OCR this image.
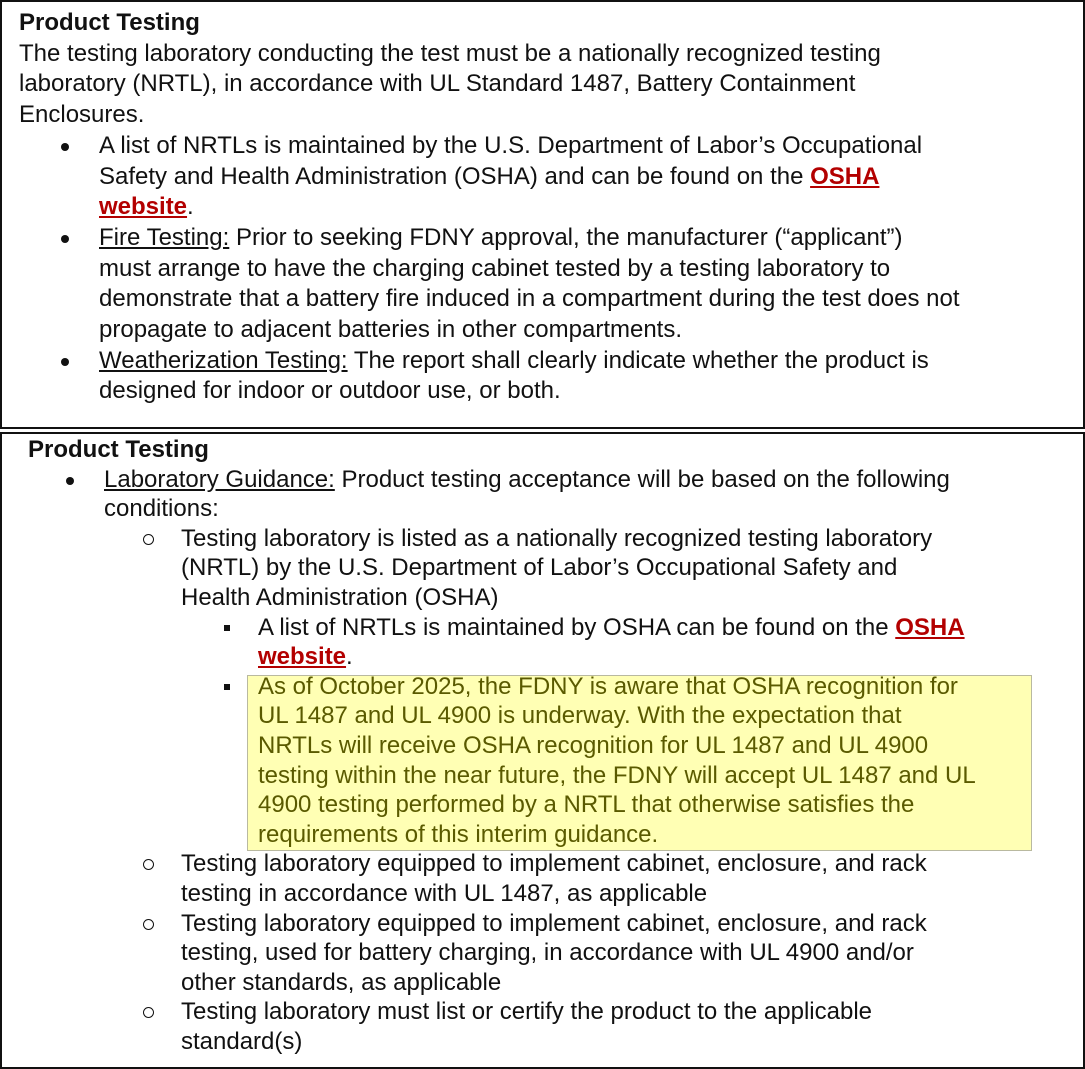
Product Testing
The testing laboratory conducting the test must be a nationally recognized testing
laboratory (NRTL), in accordance with UL Standard 1487, Battery Containment
Enclosures.
A list of NRTLs is maintained by the U.S. Department of Labor’s Occupational
Safety and Health Administration (OSHA) and can be found on the OSHA
website.
Fire Testing: Prior to seeking FDNY approval, the manufacturer (“applicant”)
must arrange to have the charging cabinet tested by a testing laboratory to
demonstrate that a battery fire induced in a compartment during the test does not
propagate to adjacent batteries in other compartments.
Weatherization Testing: The report shall clearly indicate whether the product is
designed for indoor or outdoor use, or both.
Product Testing
Laboratory Guidance: Product testing acceptance will be based on the following
conditions:
Testing laboratory is listed as a nationally recognized testing laboratory
(NRTL) by the U.S. Department of Labor’s Occupational Safety and
Health Administration (OSHA)
A list of NRTLs is maintained by OSHA can be found on the OSHA
website.
As of October 2025, the FDNY is aware that OSHA recognition for
UL 1487 and UL 4900 is underway. With the expectation that
NRTLs will receive OSHA recognition for UL 1487 and UL 4900
testing within the near future, the FDNY will accept UL 1487 and UL
4900 testing performed by a NRTL that otherwise satisfies the
requirements of this interim guidance.
Testing laboratory equipped to implement cabinet, enclosure, and rack
testing in accordance with UL 1487, as applicable
Testing laboratory equipped to implement cabinet, enclosure, and rack
testing, used for battery charging, in accordance with UL 4900 and/or
other standards, as applicable
Testing laboratory must list or certify the product to the applicable
standard(s)
